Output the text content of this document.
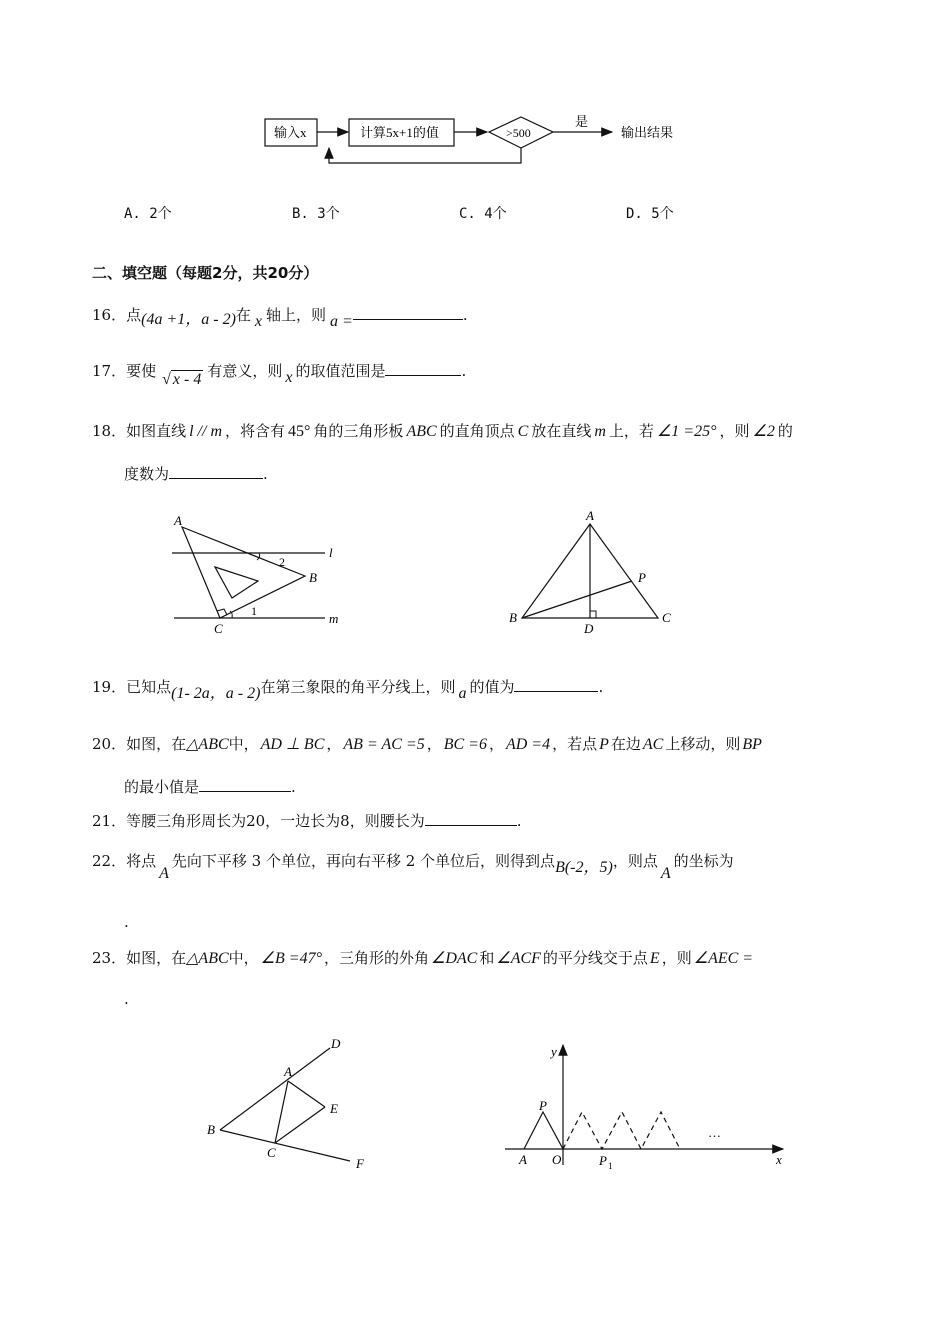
输入x	计算5x+1的值	>500
是
输出结果
A. 2个	B. 3个	C. 4个	D. 5个
二、填空题（每题2分，共20分）
16．点(4a +1，a - 2)在 x 轴上，则 a =	.
17．要使 √ x - 4 有意义，则 x 的取值范围是	.
18．如图直线 l // m ，将含有 45° 角的三角形板 ABC 的直角顶点 C 放在直线 m 上，若 ∠1 =25° ，则 ∠2 的
度数为	.
A
B
C
l
m
1
2
A
B	C
D
P
19．已知点(1- 2a，a - 2)在第三象限的角平分线上，则 a 的值为	.
20．如图，在△ABC中， AD ⊥ BC ， AB = AC =5 ， BC =6 ， AD =4 ，若点 P 在边 AC 上移动，则 BP
的最小值是	.
21．等腰三角形周长为20，一边长为8，则腰长为	.
22．将点A先向下平移 3 个单位，再向右平移 2 个单位后，则得到点B(-2，5)，则点A的坐标为
.
23．如图，在△ABC中， ∠B =47° ，三角形的外角 ∠DAC 和 ∠ACF 的平分线交于点 E ，则 ∠AEC =
.
A
B
C
D
E
F
y
x
O
A
P
P 1
…
